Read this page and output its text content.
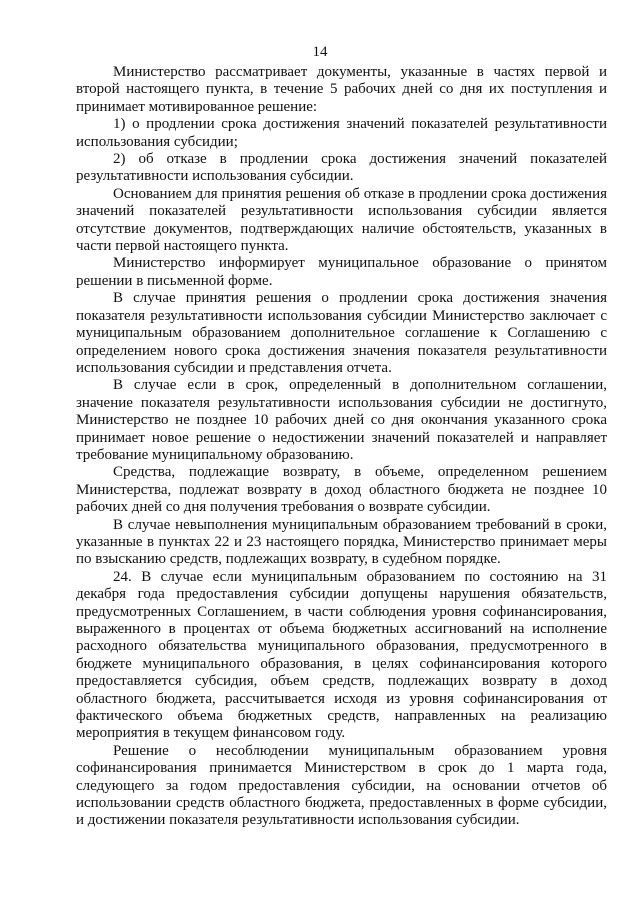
14

Министерство рассматривает документы, указанные в частях первой и второй настоящего пункта, в течение 5 рабочих дней со дня их поступления и принимает мотивированное решение:

1) о продлении срока достижения значений показателей результативности использования субсидии;

2) об отказе в продлении срока достижения значений показателей результативности использования субсидии.

Основанием для принятия решения об отказе в продлении срока достижения значений показателей результативности использования субсидии является отсутствие документов, подтверждающих наличие обстоятельств, указанных в части первой настоящего пункта.

Министерство информирует муниципальное образование о принятом решении в письменной форме.

В случае принятия решения о продлении срока достижения значения показателя результативности использования субсидии Министерство заключает с муниципальным образованием дополнительное соглашение к Соглашению с определением нового срока достижения значения показателя результативности использования субсидии и представления отчета.

В случае если в срок, определенный в дополнительном соглашении, значение показателя результативности использования субсидии не достигнуто, Министерство не позднее 10 рабочих дней со дня окончания указанного срока принимает новое решение о недостижении значений показателей и направляет требование муниципальному образованию.

Средства, подлежащие возврату, в объеме, определенном решением Министерства, подлежат возврату в доход областного бюджета не позднее 10 рабочих дней со дня получения требования о возврате субсидии.

В случае невыполнения муниципальным образованием требований в сроки, указанные в пунктах 22 и 23 настоящего порядка, Министерство принимает меры по взысканию средств, подлежащих возврату, в судебном порядке.

24. В случае если муниципальным образованием по состоянию на 31 декабря года предоставления субсидии допущены нарушения обязательств, предусмотренных Соглашением, в части соблюдения уровня софинансирования, выраженного в процентах от объема бюджетных ассигнований на исполнение расходного обязательства муниципального образования, предусмотренного в бюджете муниципального образования, в целях софинансирования которого предоставляется субсидия, объем средств, подлежащих возврату в доход областного бюджета, рассчитывается исходя из уровня софинансирования от фактического объема бюджетных средств, направленных на реализацию мероприятия в текущем финансовом году.

Решение о несоблюдении муниципальным образованием уровня софинансирования принимается Министерством в срок до 1 марта года, следующего за годом предоставления субсидии, на основании отчетов об использовании средств областного бюджета, предоставленных в форме субсидии, и достижении показателя результативности использования субсидии.
